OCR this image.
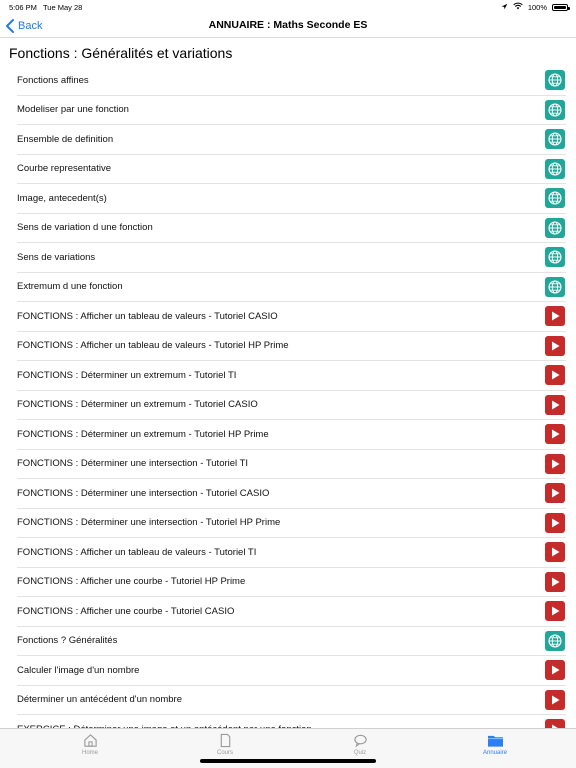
5:06 PM Tue May 28	100%
Back	ANNUAIRE : Maths Seconde ES
Fonctions : Généralités et variations
Fonctions affines
Modeliser par une fonction
Ensemble de definition
Courbe representative
Image, antecedent(s)
Sens de variation d une fonction
Sens de variations
Extremum d une fonction
FONCTIONS : Afficher un tableau de valeurs - Tutoriel CASIO
FONCTIONS : Afficher un tableau de valeurs - Tutoriel HP Prime
FONCTIONS : Déterminer un extremum - Tutoriel TI
FONCTIONS : Déterminer un extremum - Tutoriel CASIO
FONCTIONS : Déterminer un extremum - Tutoriel HP Prime
FONCTIONS : Déterminer une intersection - Tutoriel TI
FONCTIONS : Déterminer une intersection - Tutoriel CASIO
FONCTIONS : Déterminer une intersection - Tutoriel HP Prime
FONCTIONS : Afficher un tableau de valeurs - Tutoriel TI
FONCTIONS : Afficher une courbe - Tutoriel HP Prime
FONCTIONS : Afficher une courbe - Tutoriel CASIO
Fonctions ? Généralités
Calculer l'image d'un nombre
Déterminer un antécédent d'un nombre
Home	Cours	Quiz	Annuaire
